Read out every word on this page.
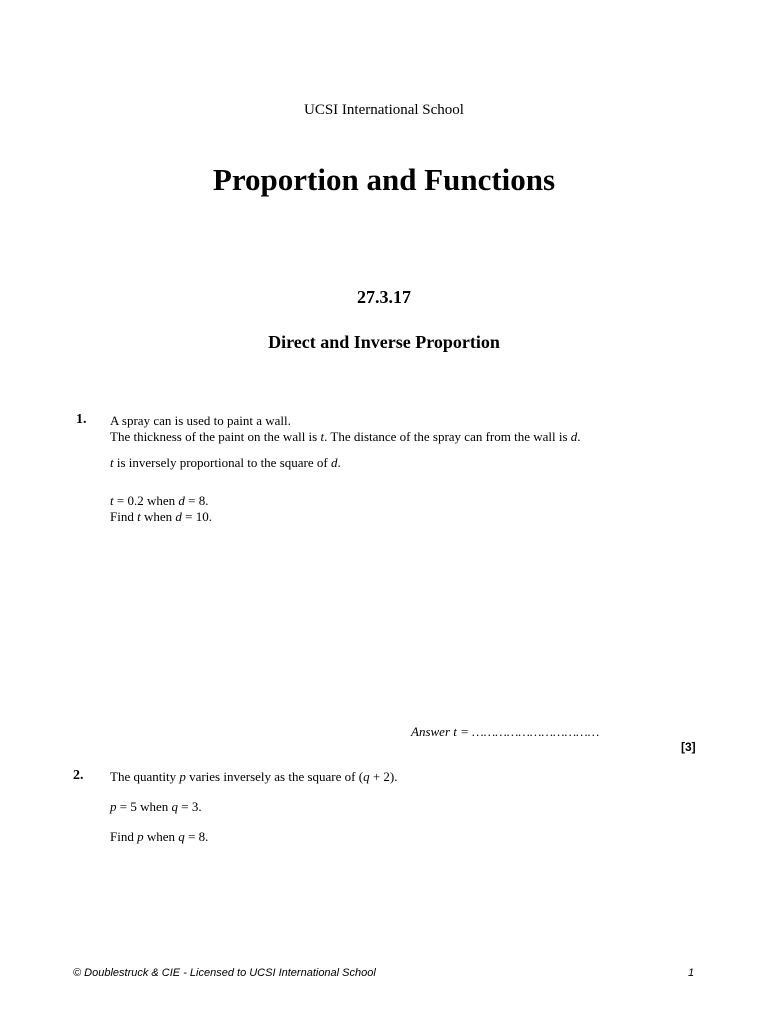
UCSI International School
Proportion and Functions
27.3.17
Direct and Inverse Proportion
1. A spray can is used to paint a wall.
The thickness of the paint on the wall is t. The distance of the spray can from the wall is d.
t is inversely proportional to the square of d.
t = 0.2 when d = 8.
Find t when d = 10.
Answer t = ……………………………
[3]
2. The quantity p varies inversely as the square of (q + 2).
p = 5 when q = 3.
Find p when q = 8.
© Doublestruck & CIE - Licensed to UCSI International School	1
